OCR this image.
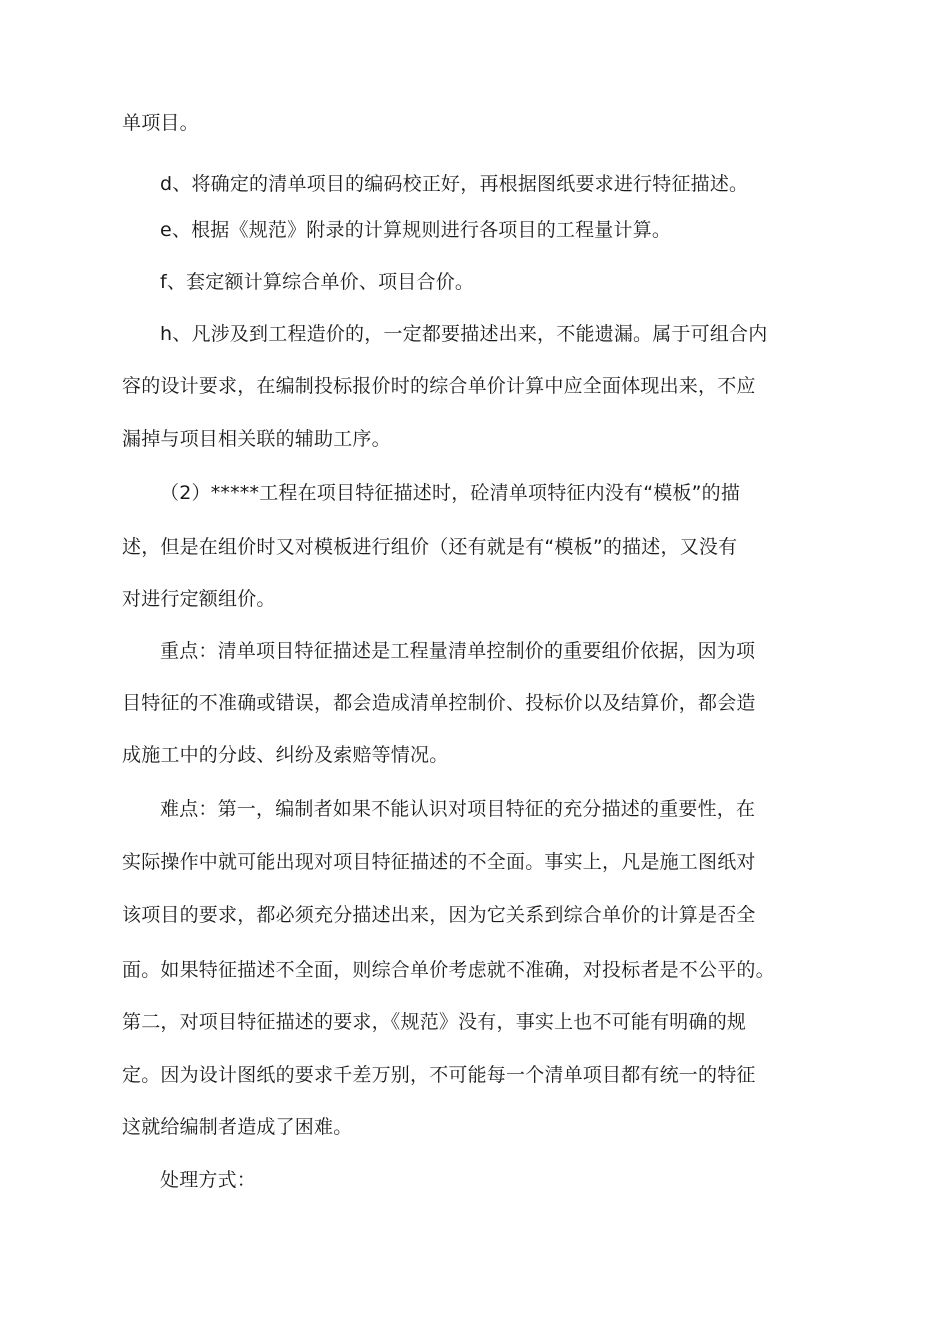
单项目。
d、将确定的清单项目的编码校正好，再根据图纸要求进行特征描述。
e、根据《规范》附录的计算规则进行各项目的工程量计算。
f、套定额计算综合单价、项目合价。
h、凡涉及到工程造价的，一定都要描述出来，不能遗漏。属于可组合内
容的设计要求，在编制投标报价时的综合单价计算中应全面体现出来，不应
漏掉与项目相关联的辅助工序。
（2）*****工程在项目特征描述时，砼清单项特征内没有“模板”的描
述，但是在组价时又对模板进行组价（还有就是有“模板”的描述，又没有
对进行定额组价。
重点：清单项目特征描述是工程量清单控制价的重要组价依据，因为项
目特征的不准确或错误，都会造成清单控制价、投标价以及结算价，都会造
成施工中的分歧、纠纷及索赔等情况。
难点：第一，编制者如果不能认识对项目特征的充分描述的重要性，在
实际操作中就可能出现对项目特征描述的不全面。事实上，凡是施工图纸对
该项目的要求，都必须充分描述出来，因为它关系到综合单价的计算是否全
面。如果特征描述不全面，则综合单价考虑就不准确，对投标者是不公平的。
第二，对项目特征描述的要求，《规范》没有，事实上也不可能有明确的规
定。因为设计图纸的要求千差万别，不可能每一个清单项目都有统一的特征
这就给编制者造成了困难。
处理方式：
